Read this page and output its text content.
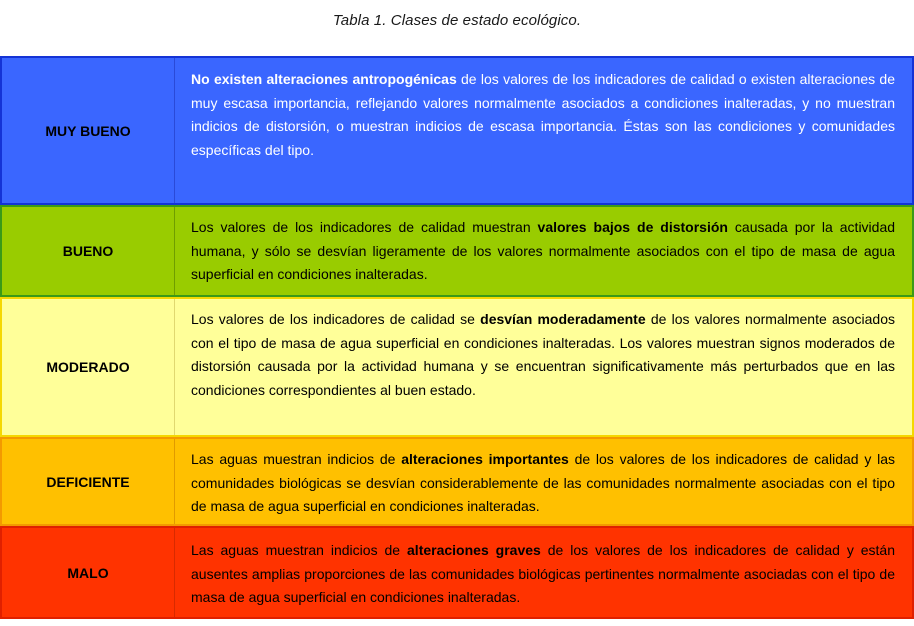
Tabla 1. Clases de estado ecológico.
MUY BUENO
No existen alteraciones antropogénicas de los valores de los indicadores de calidad o existen alteraciones de muy escasa importancia, reflejando valores normalmente asociados a condiciones inalteradas, y no muestran indicios de distorsión, o muestran indicios de escasa importancia. Éstas son las condiciones y comunidades específicas del tipo.
BUENO
Los valores de los indicadores de calidad muestran valores bajos de distorsión causada por la actividad humana, y sólo se desvían ligeramente de los valores normalmente asociados con el tipo de masa de agua superficial en condiciones inalteradas.
MODERADO
Los valores de los indicadores de calidad se desvían moderadamente de los valores normalmente asociados con el tipo de masa de agua superficial en condiciones inalteradas. Los valores muestran signos moderados de distorsión causada por la actividad humana y se encuentran significativamente más perturbados que en las condiciones correspondientes al buen estado.
DEFICIENTE
Las aguas muestran indicios de alteraciones importantes de los valores de los indicadores de calidad y las comunidades biológicas se desvían considerablemente de las comunidades normalmente asociadas con el tipo de masa de agua superficial en condiciones inalteradas.
MALO
Las aguas muestran indicios de alteraciones graves de los valores de los indicadores de calidad y están ausentes amplias proporciones de las comunidades biológicas pertinentes normalmente asociadas con el tipo de masa de agua superficial en condiciones inalteradas.
